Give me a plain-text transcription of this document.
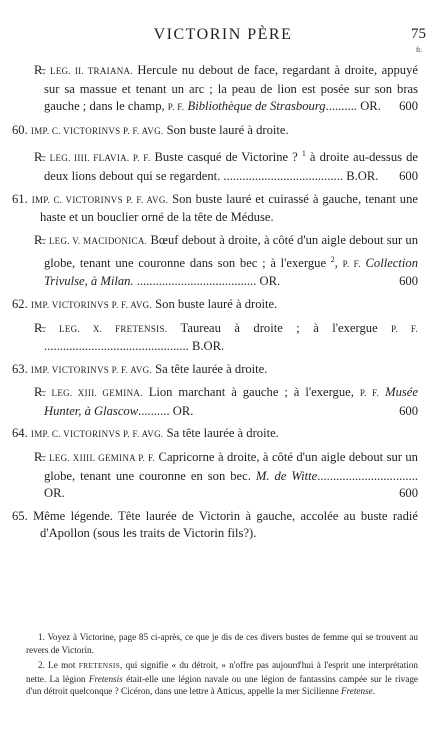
VICTORIN PÈRE	75
fr.

R̶. LEG. II. TRAIANA. Hercule nu debout de face, regardant à droite, appuyé sur sa massue et tenant un arc ; la peau de lion est posée sur son bras gauche ; dans le champ, P. F. Bibliothèque de Strasbourg.......... OR. 600

60. IMP. C. VICTORINVS P. F. AVG. Son buste lauré à droite.

R̶. LEG. IIII. FLAVIA. P. F. Buste casqué de Victorine ? $^1$ à droite au-dessus de deux lions debout qui se regardent. ...................................... B.OR. 600

61. IMP. C. VICTORINVS P. F. AVG. Son buste lauré et cuirassé à gauche, tenant une haste et un bouclier orné de la tête de Méduse.

R̶. LEG. V. MACIDONICA. Bœuf debout à droite, à côté d'un aigle debout sur un globe, tenant une couronne dans son bec ; à l'exergue $^2$, P. F. Collection Trivulse, à Milan. ...................................... OR.	600

62. IMP. VICTORINVS P. F. AVG. Son buste lauré à droite.

R̶. LEG. X. FRETENSIS. Taureau à droite ; à l'exergue P. F. .............................................. B.OR.

63. IMP. VICTORINVS P. F. AVG. Sa tête laurée à droite.

R̶. LEG. XIII. GEMINA. Lion marchant à gauche ; à l'exergue, P. F. Musée Hunter, à Glascow.......... OR.	600

64. IMP. C. VICTORINVS P. F. AVG. Sa tête laurée à droite.

R̶. LEG. XIIII. GEMINA P. F. Capricorne à droite, à côté d'un aigle debout sur un globe, tenant une couronne en son bec. M. de Witte................................ OR.	600

65. Même légende. Tête laurée de Victorin à gauche, accolée au buste radié d'Apollon (sous les traits de Victorin fils?).

1. Voyez à Victorine, page 85 ci-après, ce que je dis de ces divers bustes de femme qui se trouvent au revers de Victorin.

2. Le mot FRETENSIS, qui signifie « du détroit, » n'offre pas aujourd'hui à l'esprit une interprétation nette. La légion Fretensis était-elle une légion navale ou une légion de fantassins campée sur le rivage d'un détroit quelconque ? Cicéron, dans une lettre à Atticus, appelle la mer Sicilienne Fretense.
